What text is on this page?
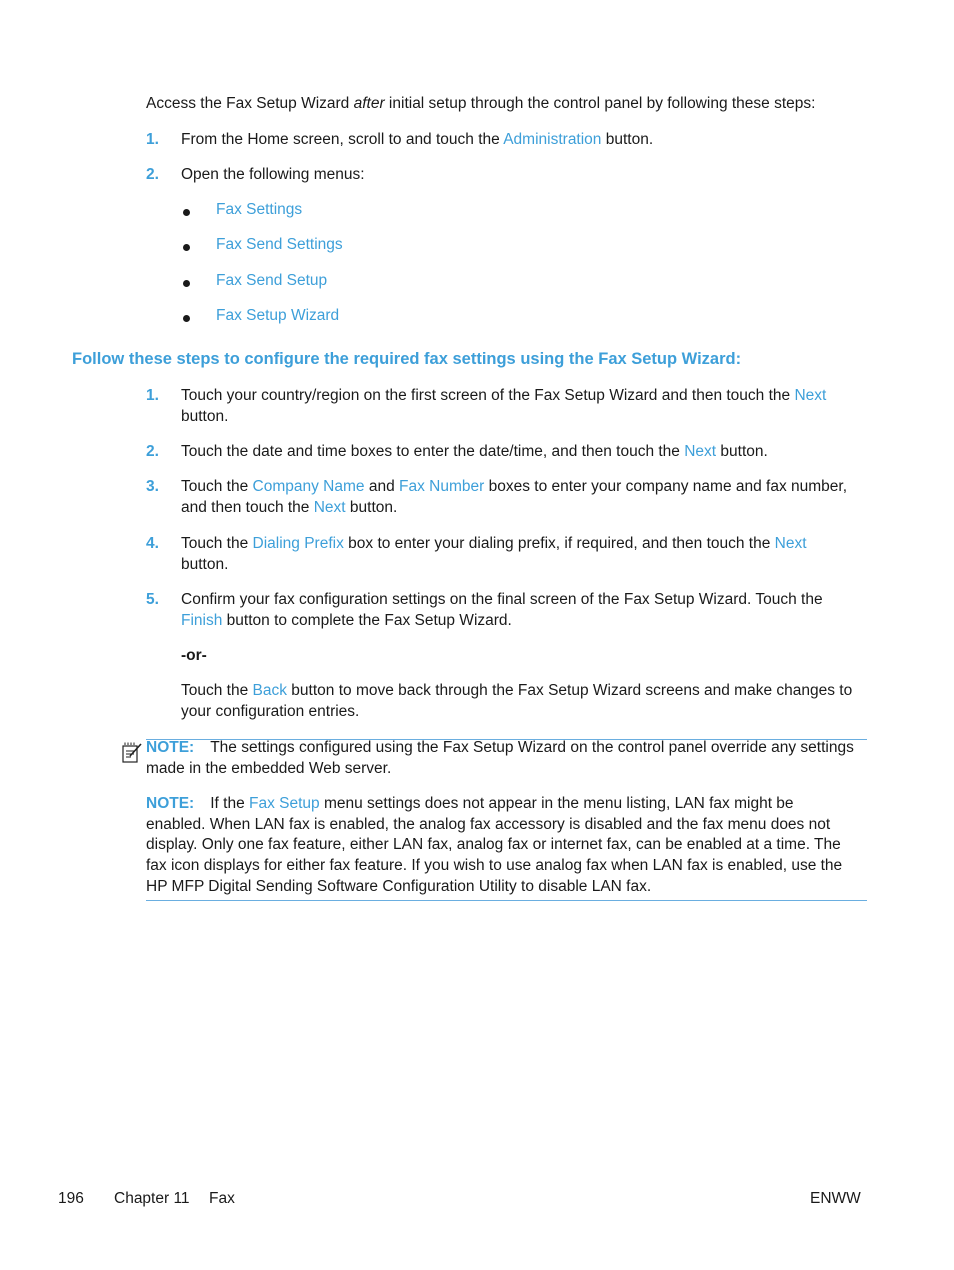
Access the Fax Setup Wizard after initial setup through the control panel by following these steps:
1. From the Home screen, scroll to and touch the Administration button.
2. Open the following menus:
Fax Settings
Fax Send Settings
Fax Send Setup
Fax Setup Wizard
Follow these steps to configure the required fax settings using the Fax Setup Wizard:
1. Touch your country/region on the first screen of the Fax Setup Wizard and then touch the Next
button.
2. Touch the date and time boxes to enter the date/time, and then touch the Next button.
3. Touch the Company Name and Fax Number boxes to enter your company name and fax number,
and then touch the Next button.
4. Touch the Dialing Prefix box to enter your dialing prefix, if required, and then touch the Next
button.
5. Confirm your fax configuration settings on the final screen of the Fax Setup Wizard. Touch the
Finish button to complete the Fax Setup Wizard.
-or-
Touch the Back button to move back through the Fax Setup Wizard screens and make changes to
your configuration entries.
NOTE: The settings configured using the Fax Setup Wizard on the control panel override any settings
made in the embedded Web server.
NOTE: If the Fax Setup menu settings does not appear in the menu listing, LAN fax might be
enabled. When LAN fax is enabled, the analog fax accessory is disabled and the fax menu does not
display. Only one fax feature, either LAN fax, analog fax or internet fax, can be enabled at a time. The
fax icon displays for either fax feature. If you wish to use analog fax when LAN fax is enabled, use the
HP MFP Digital Sending Software Configuration Utility to disable LAN fax.
196 Chapter 11 Fax	ENWW
